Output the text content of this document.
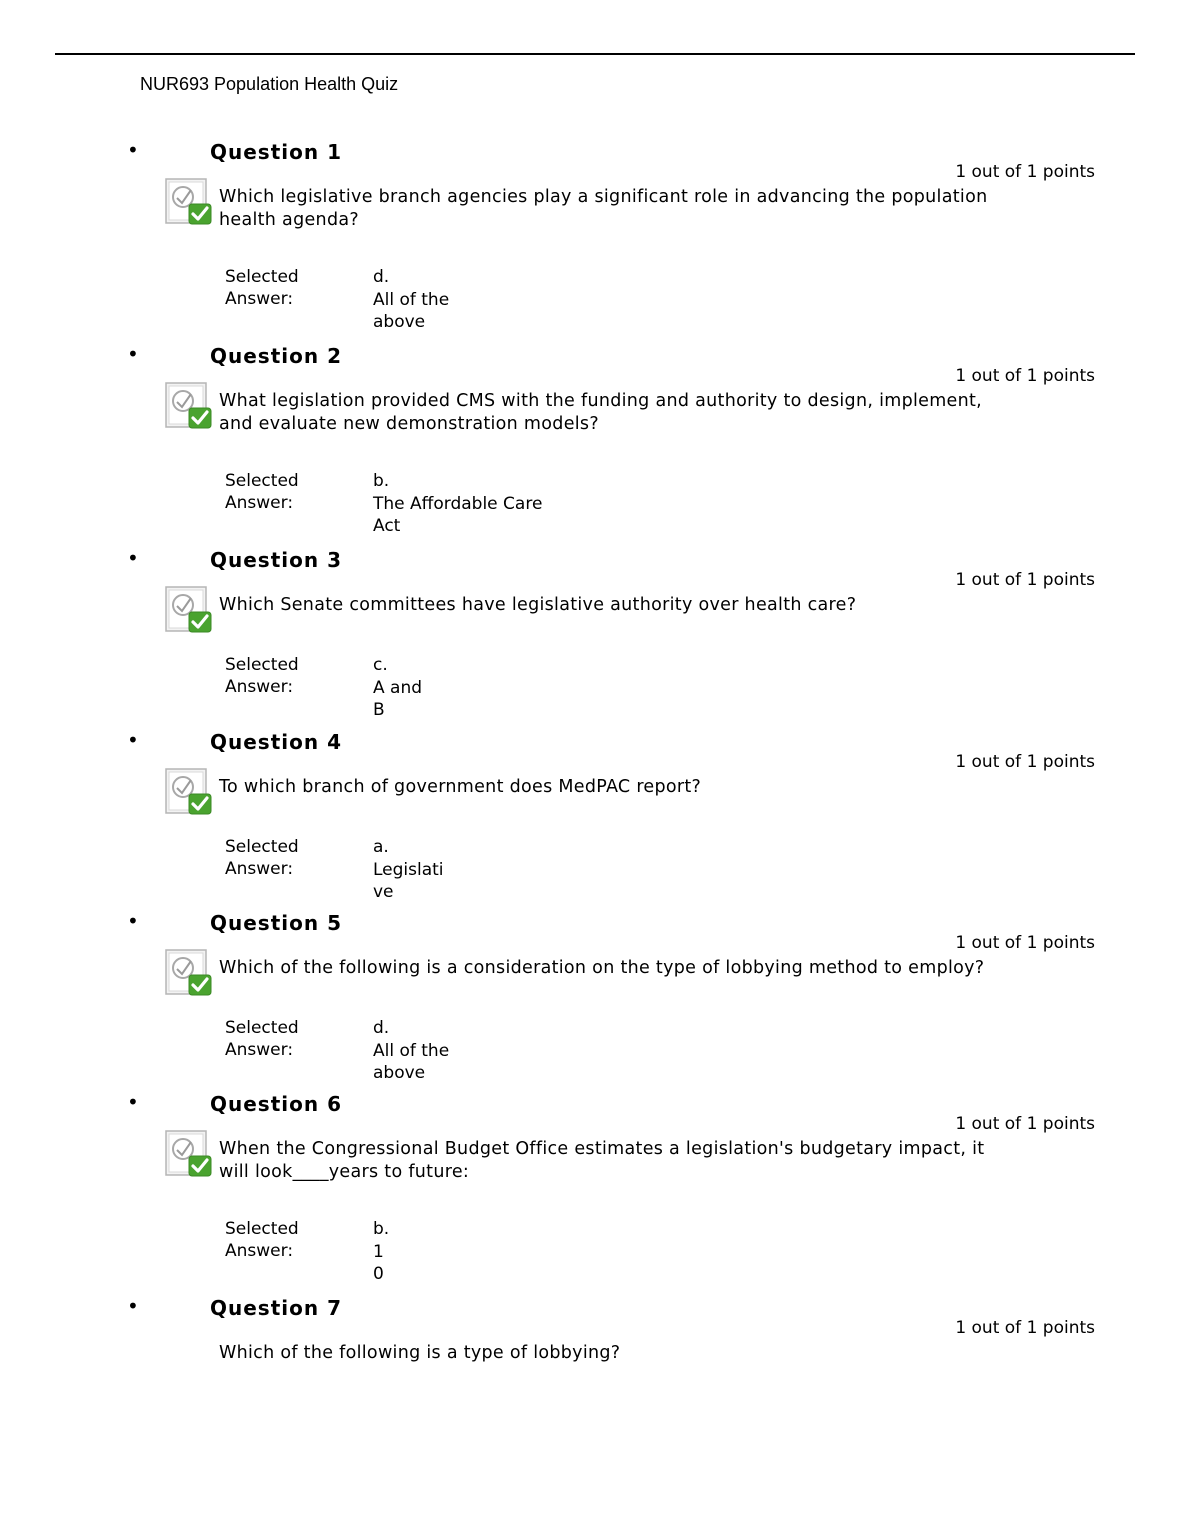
NUR693 Population Health Quiz
•	Question 1
1 out of 1 points
Which legislative branch agencies play a significant role in advancing the population
health agenda?
Selected
Answer:
d.
All of the
above
•	Question 2
1 out of 1 points
What legislation provided CMS with the funding and authority to design, implement,
and evaluate new demonstration models?
Selected
Answer:
b.
The Affordable Care
Act
•	Question 3
1 out of 1 points
Which Senate committees have legislative authority over health care?
Selected
Answer:
c.
A and
B
•	Question 4
1 out of 1 points
To which branch of government does MedPAC report?
Selected
Answer:
a.
Legislati
ve
•	Question 5
1 out of 1 points
Which of the following is a consideration on the type of lobbying method to employ?
Selected
Answer:
d.
All of the
above
•	Question 6
1 out of 1 points
When the Congressional Budget Office estimates a legislation's budgetary impact, it
will look____years to future:
Selected
Answer:
b.
1
0
•	Question 7
1 out of 1 points
Which of the following is a type of lobbying?
